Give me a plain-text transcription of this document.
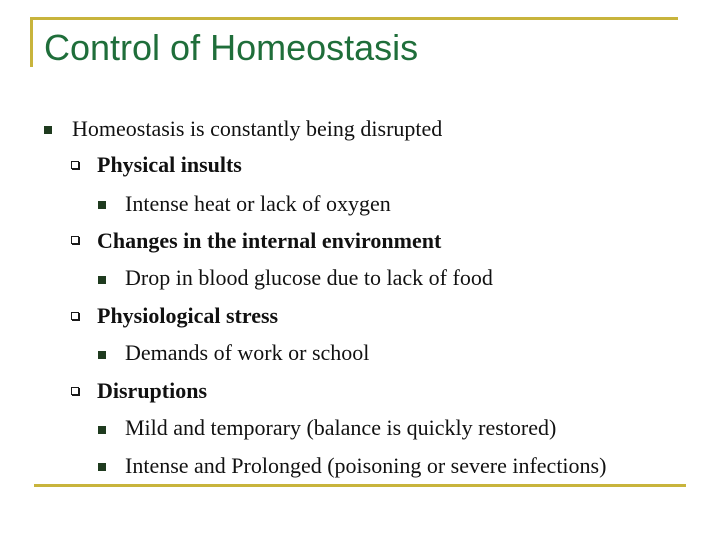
Control of Homeostasis
Homeostasis is constantly being disrupted
Physical insults
Intense heat or lack of oxygen
Changes in the internal environment
Drop in blood glucose due to lack of food
Physiological stress
Demands of work or school
Disruptions
Mild and temporary (balance is quickly restored)
Intense and Prolonged (poisoning or severe infections)
